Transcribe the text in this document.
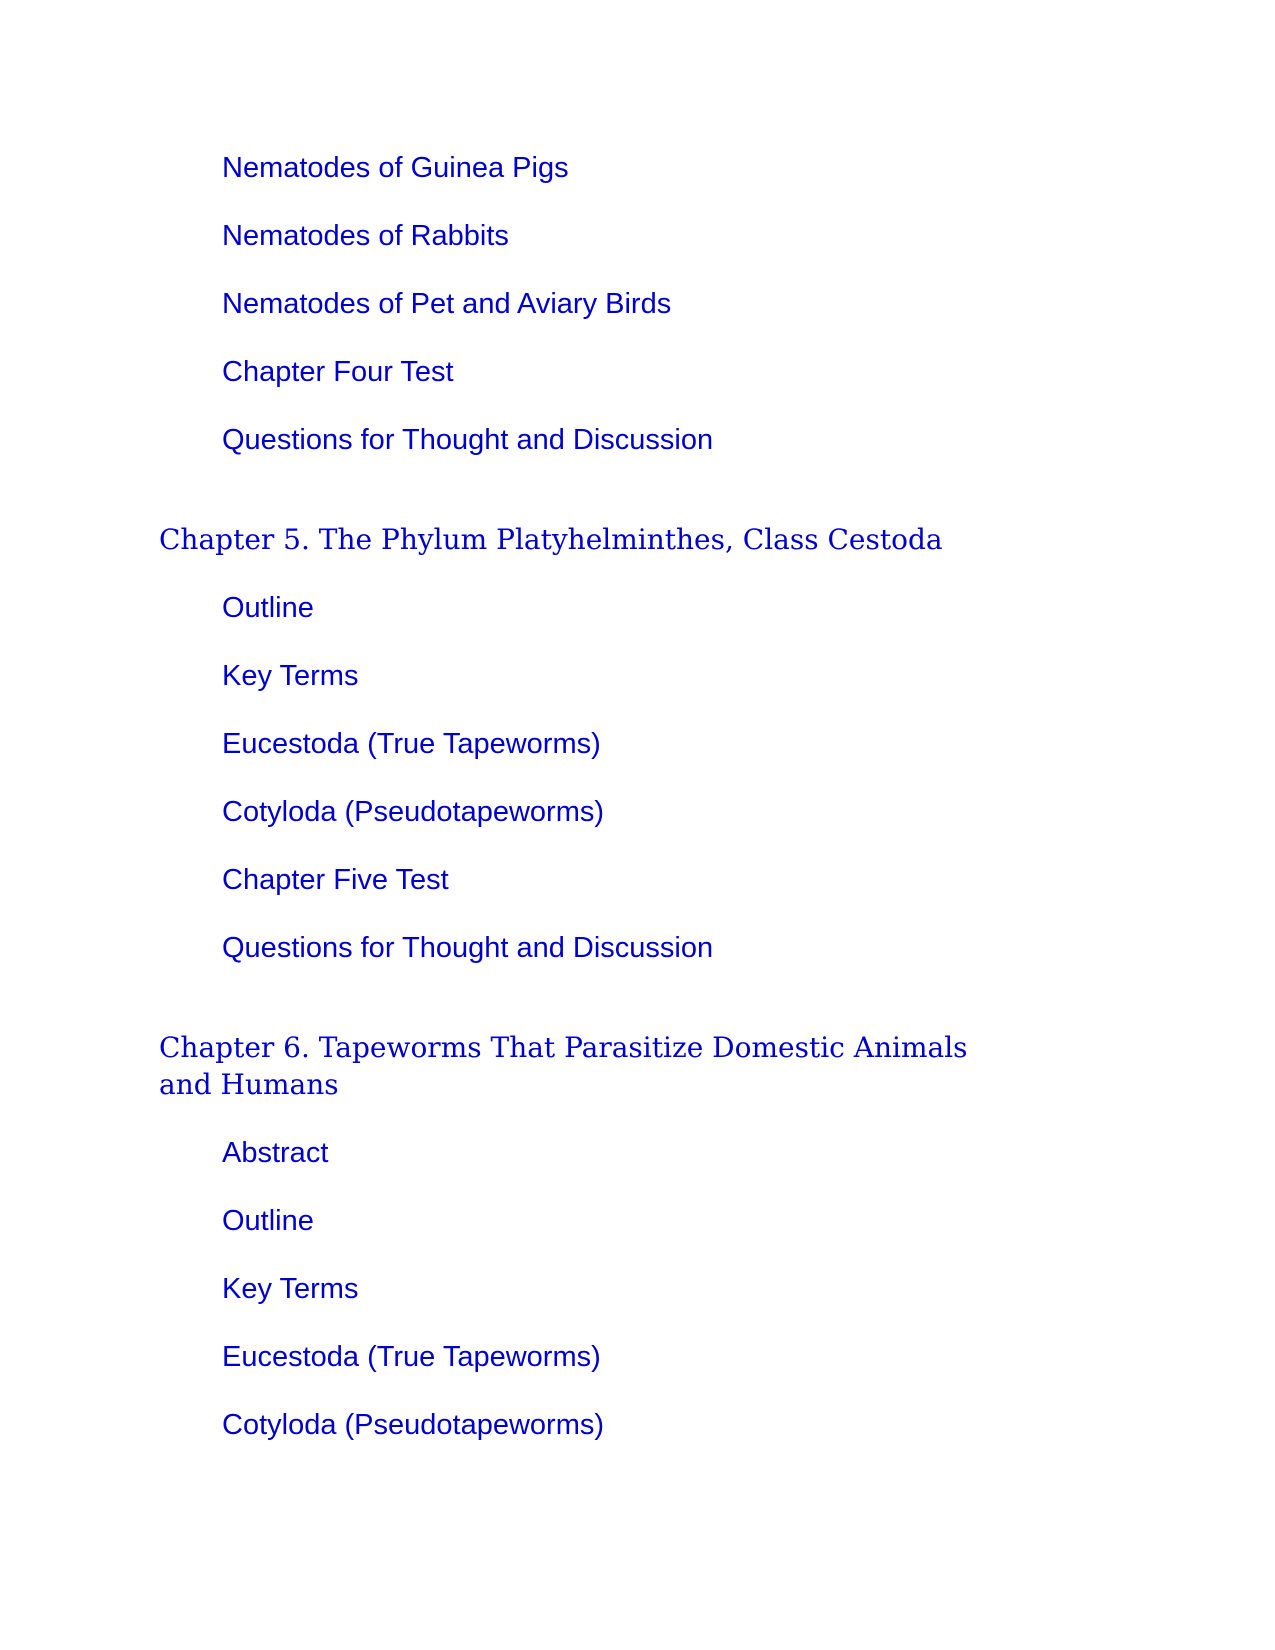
Nematodes of Guinea Pigs
Nematodes of Rabbits
Nematodes of Pet and Aviary Birds
Chapter Four Test
Questions for Thought and Discussion
Chapter 5. The Phylum Platyhelminthes, Class Cestoda
Outline
Key Terms
Eucestoda (True Tapeworms)
Cotyloda (Pseudotapeworms)
Chapter Five Test
Questions for Thought and Discussion
Chapter 6. Tapeworms That Parasitize Domestic Animals and Humans
Abstract
Outline
Key Terms
Eucestoda (True Tapeworms)
Cotyloda (Pseudotapeworms)
